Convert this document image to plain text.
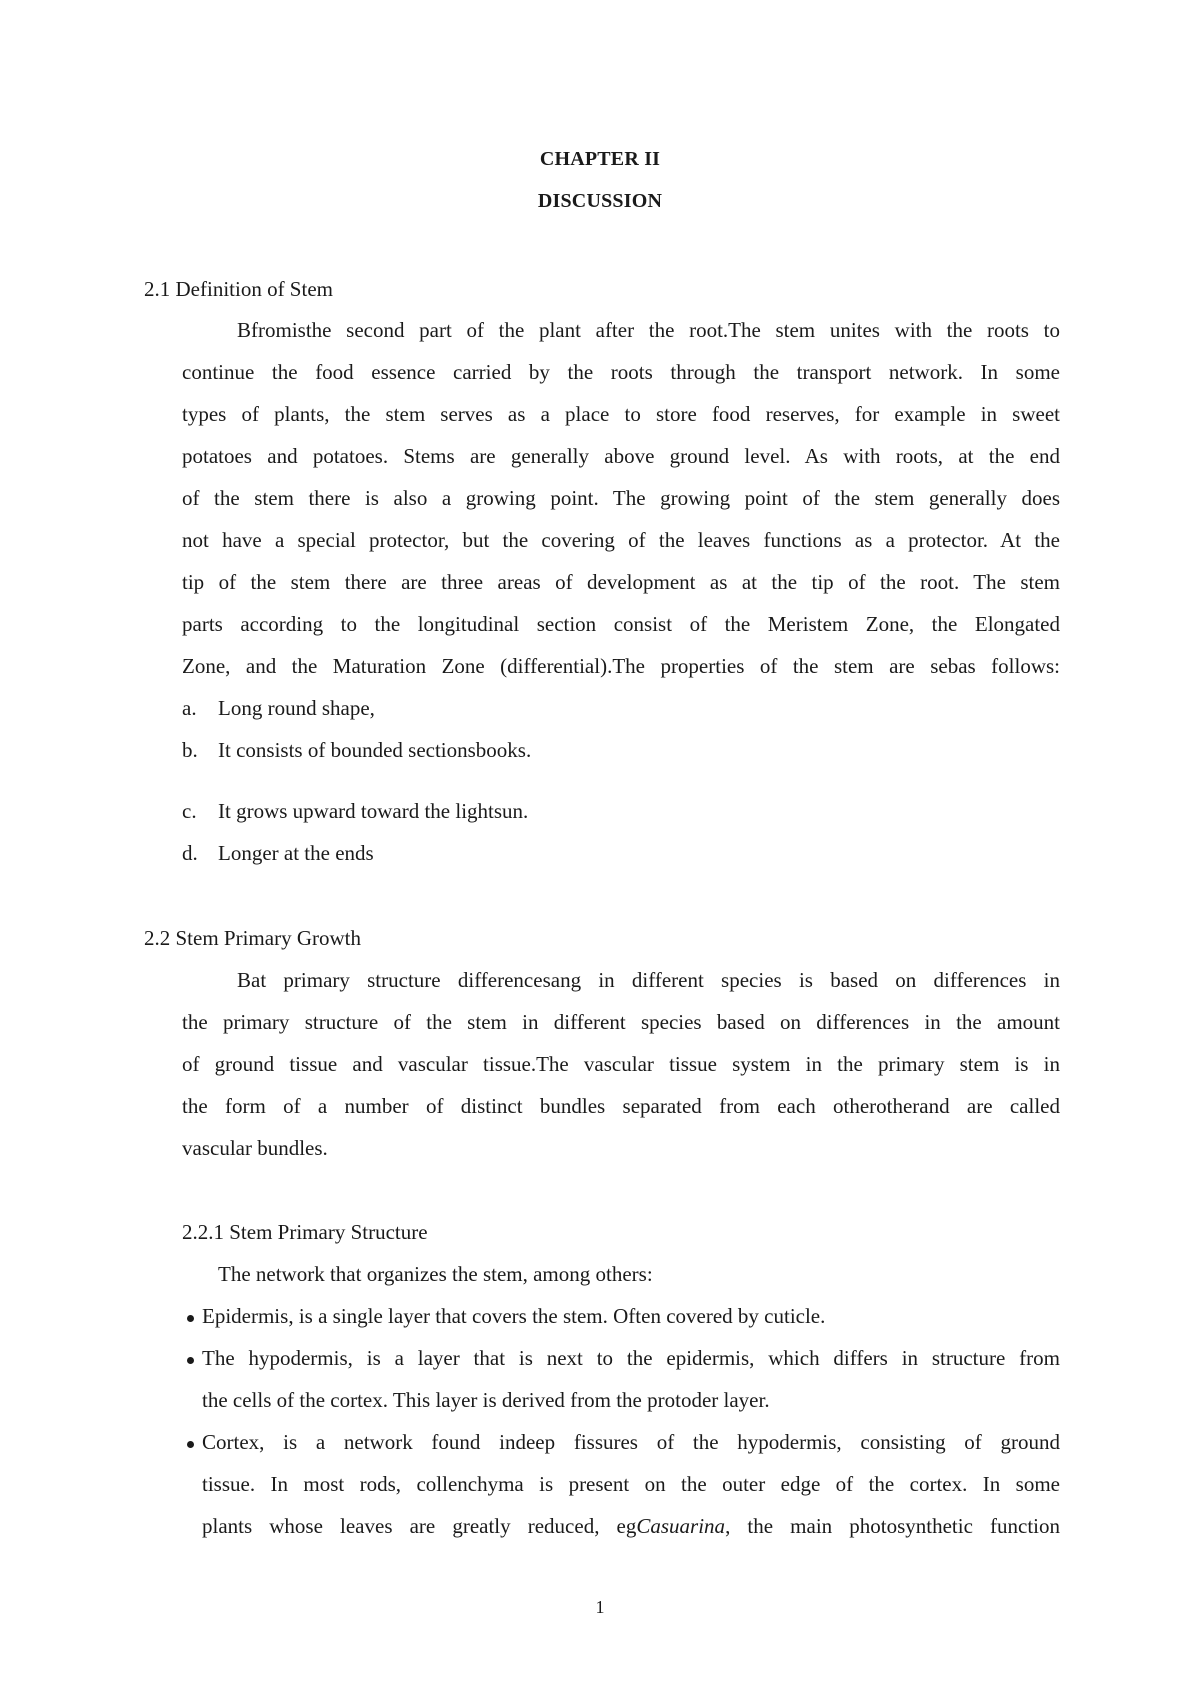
CHAPTER II
DISCUSSION
2.1 Definition of Stem
Bfromisthe second part of the plant after the root.The stem unites with the roots to
continue the food essence carried by the roots through the transport network. In some
types of plants, the stem serves as a place to store food reserves, for example in sweet
potatoes and potatoes. Stems are generally above ground level. As with roots, at the end
of the stem there is also a growing point. The growing point of the stem generally does
not have a special protector, but the covering of the leaves functions as a protector. At the
tip of the stem there are three areas of development as at the tip of the root. The stem
parts according to the longitudinal section consist of the Meristem Zone, the Elongated
Zone, and the Maturation Zone (differential).The properties of the stem are sebas follows:
a. Long round shape,
b. It consists of bounded sectionsbooks.
c. It grows upward toward the lightsun.
d. Longer at the ends
2.2 Stem Primary Growth
Bat primary structure differencesang in different species is based on differences in
the primary structure of the stem in different species based on differences in the amount
of ground tissue and vascular tissue.The vascular tissue system in the primary stem is in
the form of a number of distinct bundles separated from each otherotherand are called
vascular bundles.
2.2.1 Stem Primary Structure
The network that organizes the stem, among others:
Epidermis, is a single layer that covers the stem. Often covered by cuticle.
The hypodermis, is a layer that is next to the epidermis, which differs in structure from
the cells of the cortex. This layer is derived from the protoder layer.
Cortex, is a network found indeep fissures of the hypodermis, consisting of ground
tissue. In most rods, collenchyma is present on the outer edge of the cortex. In some
plants whose leaves are greatly reduced, egCasuarina, the main photosynthetic function
1
